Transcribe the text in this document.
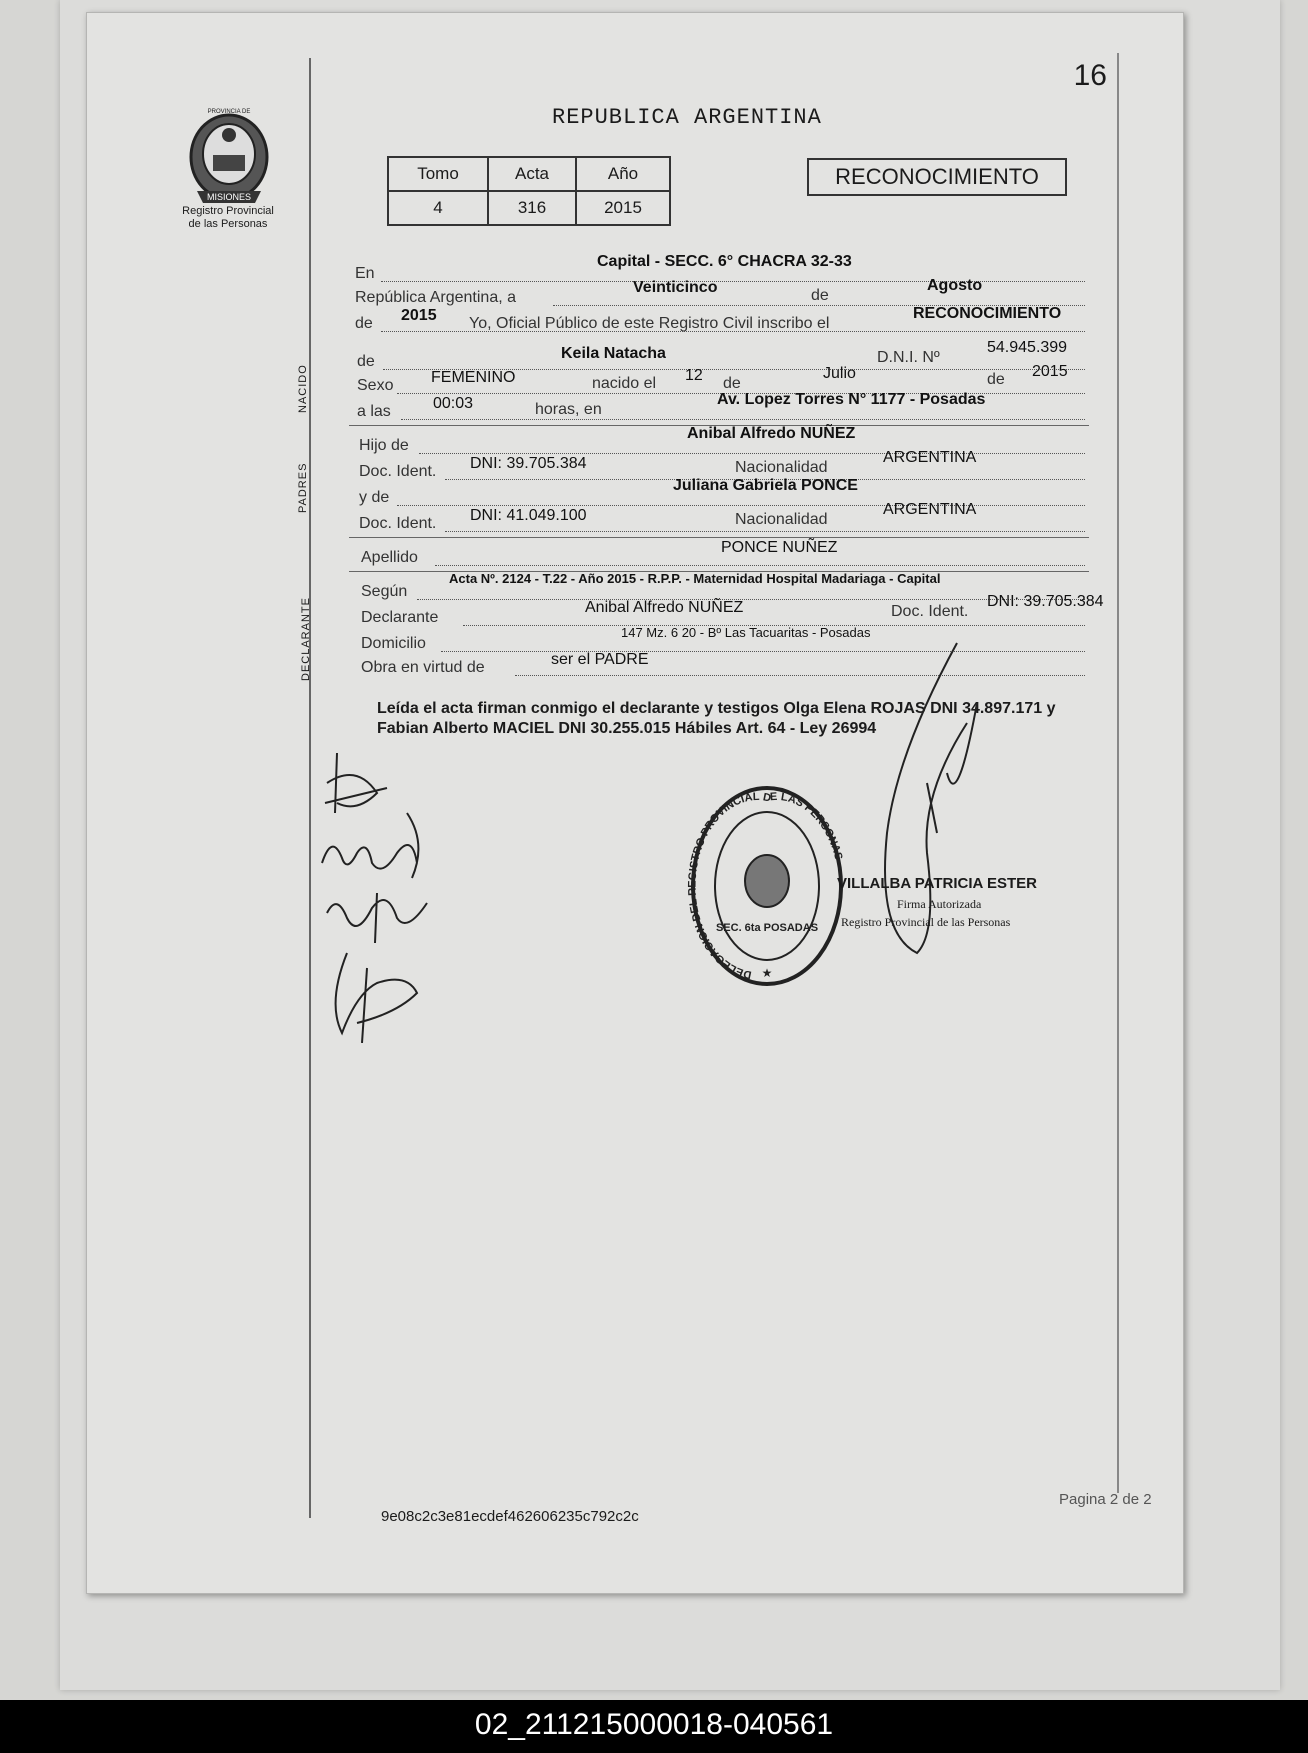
16
MISIONES
PROVINCIA DE
Registro Provincial
de las Personas
REPUBLICA ARGENTINA
Tomo	Acta	Año
4	316	2015
RECONOCIMIENTO
NACIDO
PADRES
DECLARANTE
En
Capital - SECC. 6° CHACRA 32-33
República Argentina, a
Veinticinco	de
Agosto
de 2015 Yo, Oficial Público de este Registro Civil inscribo el
RECONOCIMIENTO
de	Keila Natacha	D.N.I. Nº
54.945.399
Sexo FEMENINO	nacido el 12 de
Julio	de 2015
a las	00:03	horas, en
Av. Lopez Torres N° 1177 - Posadas
Hijo de
Anibal Alfredo NUÑEZ
Doc. Ident. DNI: 39.705.384	Nacionalidad
ARGENTINA
y de
Juliana Gabriela PONCE
Doc. Ident. DNI: 41.049.100	Nacionalidad
ARGENTINA
Apellido
PONCE NUÑEZ
Según
Acta Nº. 2124 - T.22 - Año 2015 - R.P.P. - Maternidad Hospital Madariaga - Capital
Declarante
Anibal Alfredo NUÑEZ	Doc. Ident.
DNI: 39.705.384
Domicilio
147 Mz. 6 20 - Bº Las Tacuaritas - Posadas
Obra en virtud de	ser el PADRE
Leída el acta firman conmigo el declarante y testigos Olga Elena ROJAS DNI 34.897.171 y Fabian Alberto MACIEL DNI 30.255.015 Hábiles Art. 64 - Ley 26994
DELEGACION DEL REGISTRO PROVINCIAL DE LAS PERSONAS
SEC. 6ta POSADAS
★
VILLALBA PATRICIA ESTER
Firma Autorizada
Registro Provincial de las Personas
9e08c2c3e81ecdef462606235c792c2c
Pagina 2 de 2
02_211215000018-040561
